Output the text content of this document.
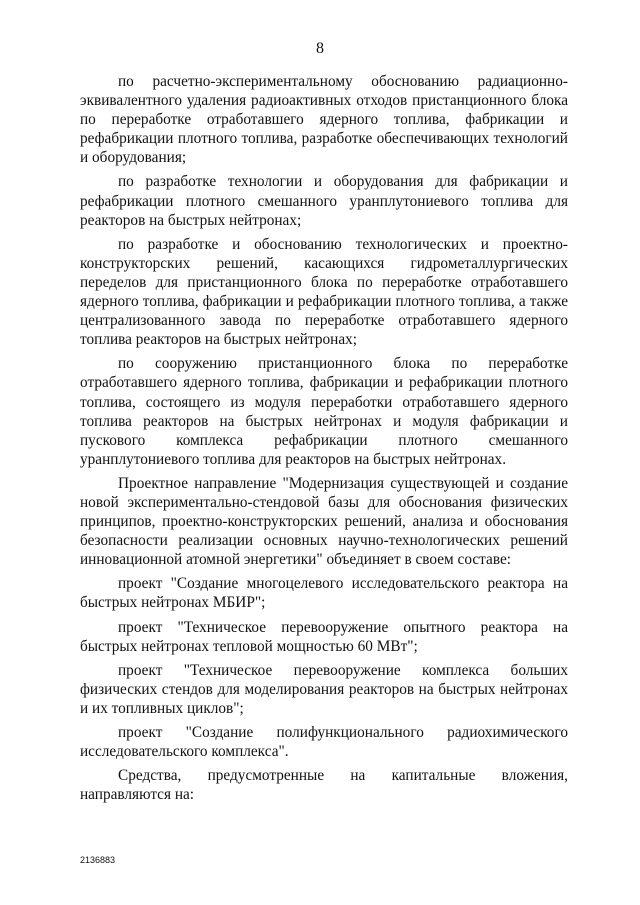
8

по расчетно-экспериментальному обоснованию радиационно-эквивалентного удаления радиоактивных отходов пристанционного блока по переработке отработавшего ядерного топлива, фабрикации и рефабрикации плотного топлива, разработке обеспечивающих технологий и оборудования;

по разработке технологии и оборудования для фабрикации и рефабрикации плотного смешанного уранплутониевого топлива для реакторов на быстрых нейтронах;

по разработке и обоснованию технологических и проектно-конструкторских решений, касающихся гидрометаллургических переделов для пристанционного блока по переработке отработавшего ядерного топлива, фабрикации и рефабрикации плотного топлива, а также централизованного завода по переработке отработавшего ядерного топлива реакторов на быстрых нейтронах;

по сооружению пристанционного блока по переработке отработавшего ядерного топлива, фабрикации и рефабрикации плотного топлива, состоящего из модуля переработки отработавшего ядерного топлива реакторов на быстрых нейтронах и модуля фабрикации и пускового комплекса рефабрикации плотного смешанного уранплутониевого топлива для реакторов на быстрых нейтронах.

Проектное направление "Модернизация существующей и создание новой экспериментально-стендовой базы для обоснования физических принципов, проектно-конструкторских решений, анализа и обоснования безопасности реализации основных научно-технологических решений инновационной атомной энергетики" объединяет в своем составе:

проект "Создание многоцелевого исследовательского реактора на быстрых нейтронах МБИР";

проект "Техническое перевооружение опытного реактора на быстрых нейтронах тепловой мощностью 60 МВт";

проект "Техническое перевооружение комплекса больших физических стендов для моделирования реакторов на быстрых нейтронах и их топливных циклов";

проект "Создание полифункционального радиохимического исследовательского комплекса".

Средства, предусмотренные на капитальные вложения, направляются на:

2136883
